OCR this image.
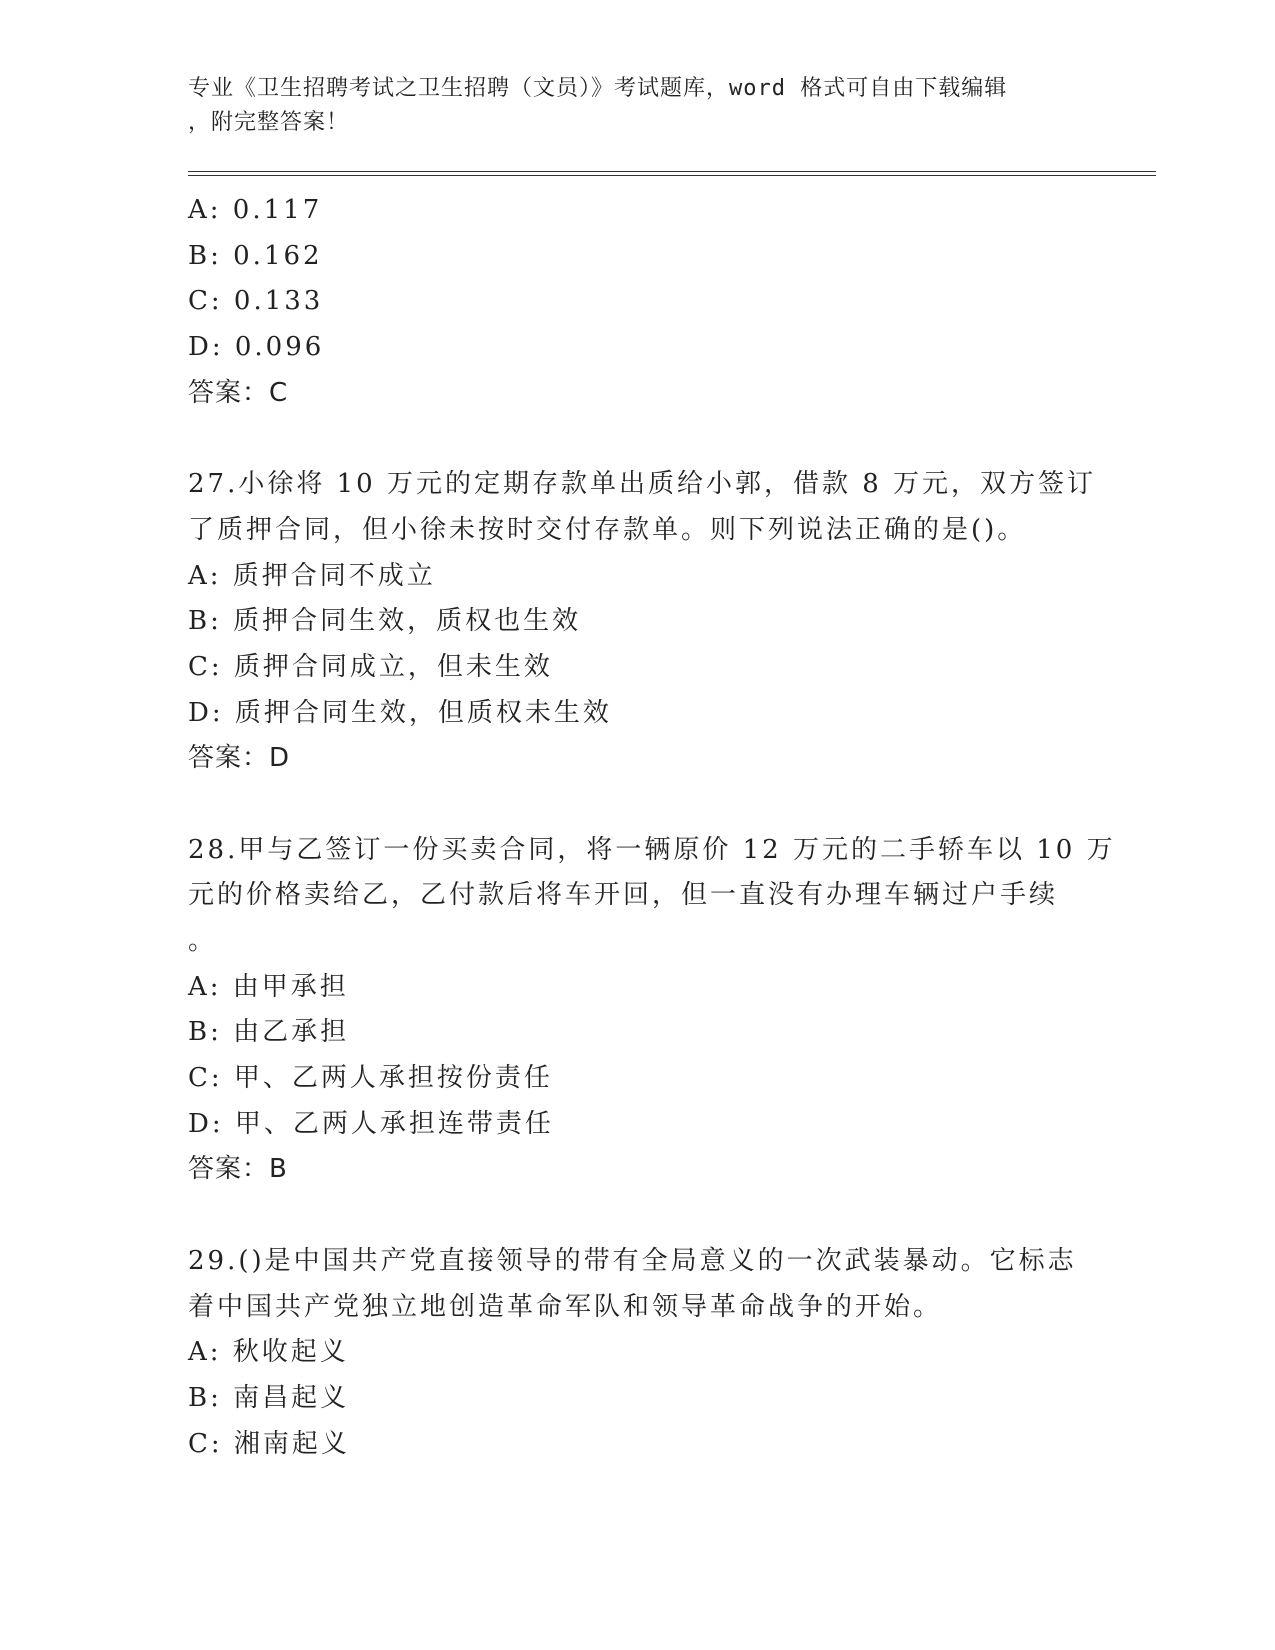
专业《卫生招聘考试之卫生招聘（文员）》考试题库，word 格式可自由下载编辑
，附完整答案！
A: 0.117
B: 0.162
C: 0.133
D: 0.096
答案：C
27.小徐将 10 万元的定期存款单出质给小郭，借款 8 万元，双方签订
了质押合同，但小徐未按时交付存款单。则下列说法正确的是()。
A: 质押合同不成立
B: 质押合同生效，质权也生效
C: 质押合同成立，但未生效
D: 质押合同生效，但质权未生效
答案：D
28.甲与乙签订一份买卖合同，将一辆原价 12 万元的二手轿车以 10 万
元的价格卖给乙，乙付款后将车开回，但一直没有办理车辆过户手续
。
A: 由甲承担
B: 由乙承担
C: 甲、乙两人承担按份责任
D: 甲、乙两人承担连带责任
答案：B
29.()是中国共产党直接领导的带有全局意义的一次武装暴动。它标志
着中国共产党独立地创造革命军队和领导革命战争的开始。
A: 秋收起义
B: 南昌起义
C: 湘南起义
